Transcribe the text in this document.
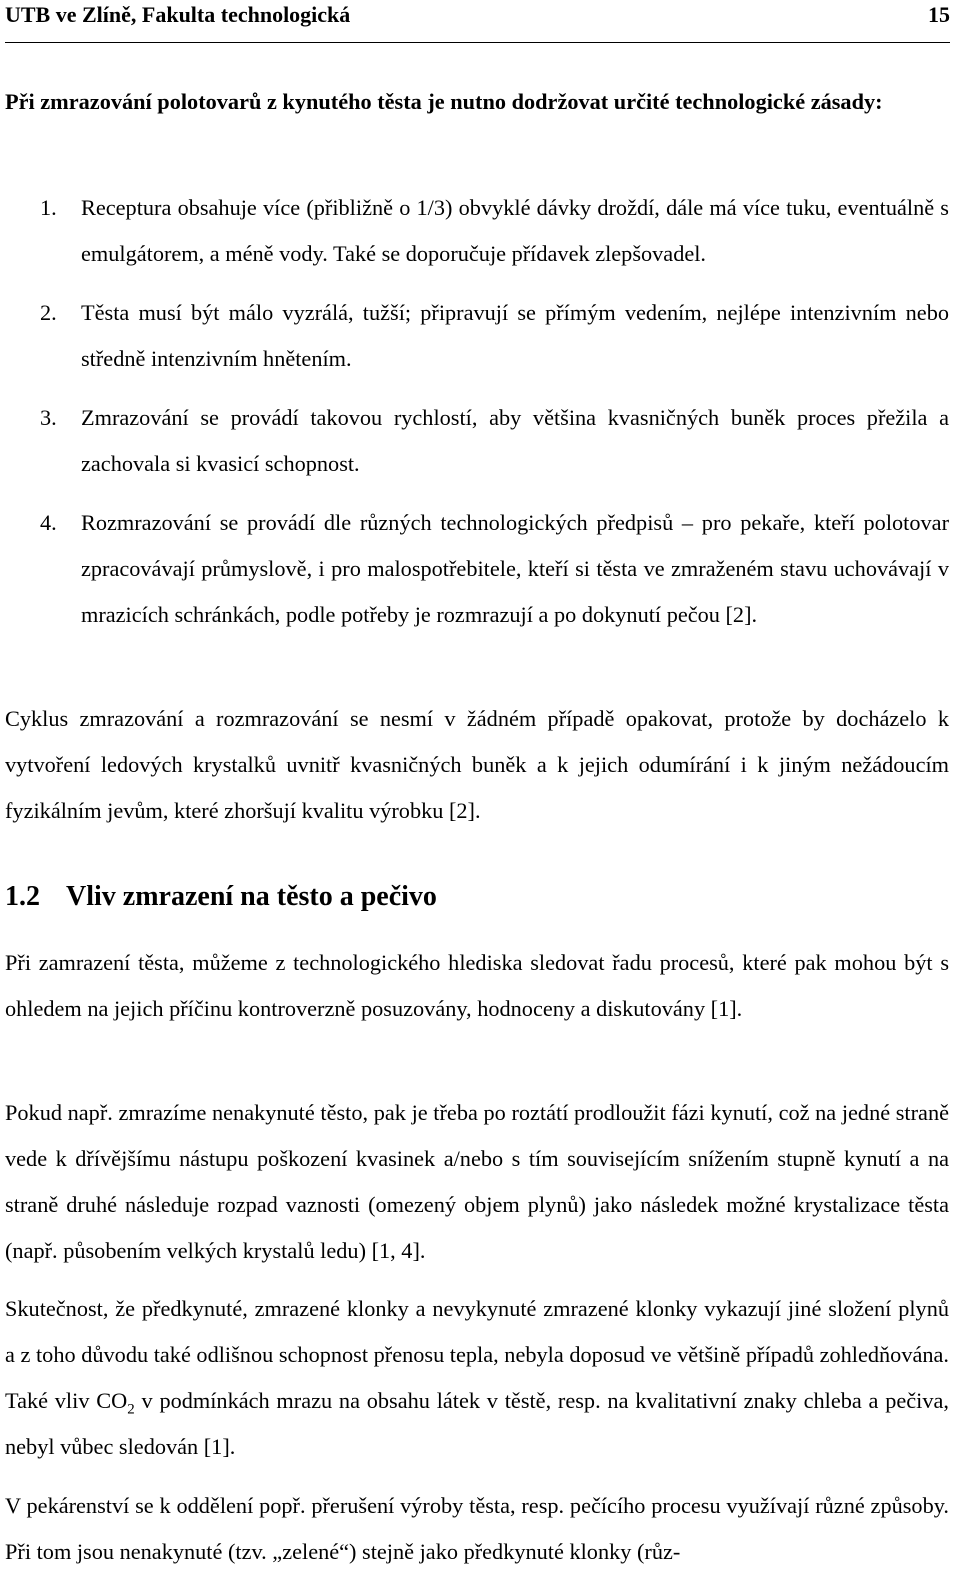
UTB ve Zlíně, Fakulta technologická	15
Při zmrazování polotovarů z kynutého těsta je nutno dodržovat určité technologické zásady:
1. Receptura obsahuje více (přibližně o 1/3) obvyklé dávky droždí, dále má více tuku, eventuálně s emulgátorem, a méně vody. Také se doporučuje přídavek zlepšovadel.
2. Těsta musí být málo vyzrálá, tužší; připravují se přímým vedením, nejlépe intenzivním nebo středně intenzivním hnětením.
3. Zmrazování se provádí takovou rychlostí, aby většina kvasničných buněk proces přežila a zachovala si kvasicí schopnost.
4. Rozmrazování se provádí dle různých technologických předpisů – pro pekaře, kteří polotovar zpracovávají průmyslově, i pro malospotřebitele, kteří si těsta ve zmraženém stavu uchovávají v mrazicích schránkách, podle potřeby je rozmrazují a po dokynutí pečou [2].
Cyklus zmrazování a rozmrazování se nesmí v žádném případě opakovat, protože by docházelo k vytvoření ledových krystalků uvnitř kvasničných buněk a k jejich odumírání i k jiným nežádoucím fyzikálním jevům, které zhoršují kvalitu výrobku [2].
1.2 Vliv zmrazení na těsto a pečivo
Při zamrazení těsta, můžeme z technologického hlediska sledovat řadu procesů, které pak mohou být s ohledem na jejich příčinu kontroverzně posuzovány, hodnoceny a diskutovány [1].
Pokud např. zmrazíme nenakynuté těsto, pak je třeba po roztátí prodloužit fázi kynutí, což na jedné straně vede k dřívějšímu nástupu poškození kvasinek a/nebo s tím souvisejícím snížením stupně kynutí a na straně druhé následuje rozpad vaznosti (omezený objem plynů) jako následek možné krystalizace těsta (např. působením velkých krystalů ledu) [1, 4].
Skutečnost, že předkynuté, zmrazené klonky a nevykynuté zmrazené klonky vykazují jiné složení plynů a z toho důvodu také odlišnou schopnost přenosu tepla, nebyla doposud ve většině případů zohledňována. Také vliv $CO_2$ v podmínkách mrazu na obsahu látek v těstě, resp. na kvalitativní znaky chleba a pečiva, nebyl vůbec sledován [1].
V pekárenství se k oddělení popř. přerušení výroby těsta, resp. pečícího procesu využívají různé způsoby. Při tom jsou nenakynuté (tzv. „zelené“) stejně jako předkynuté klonky (růz-
